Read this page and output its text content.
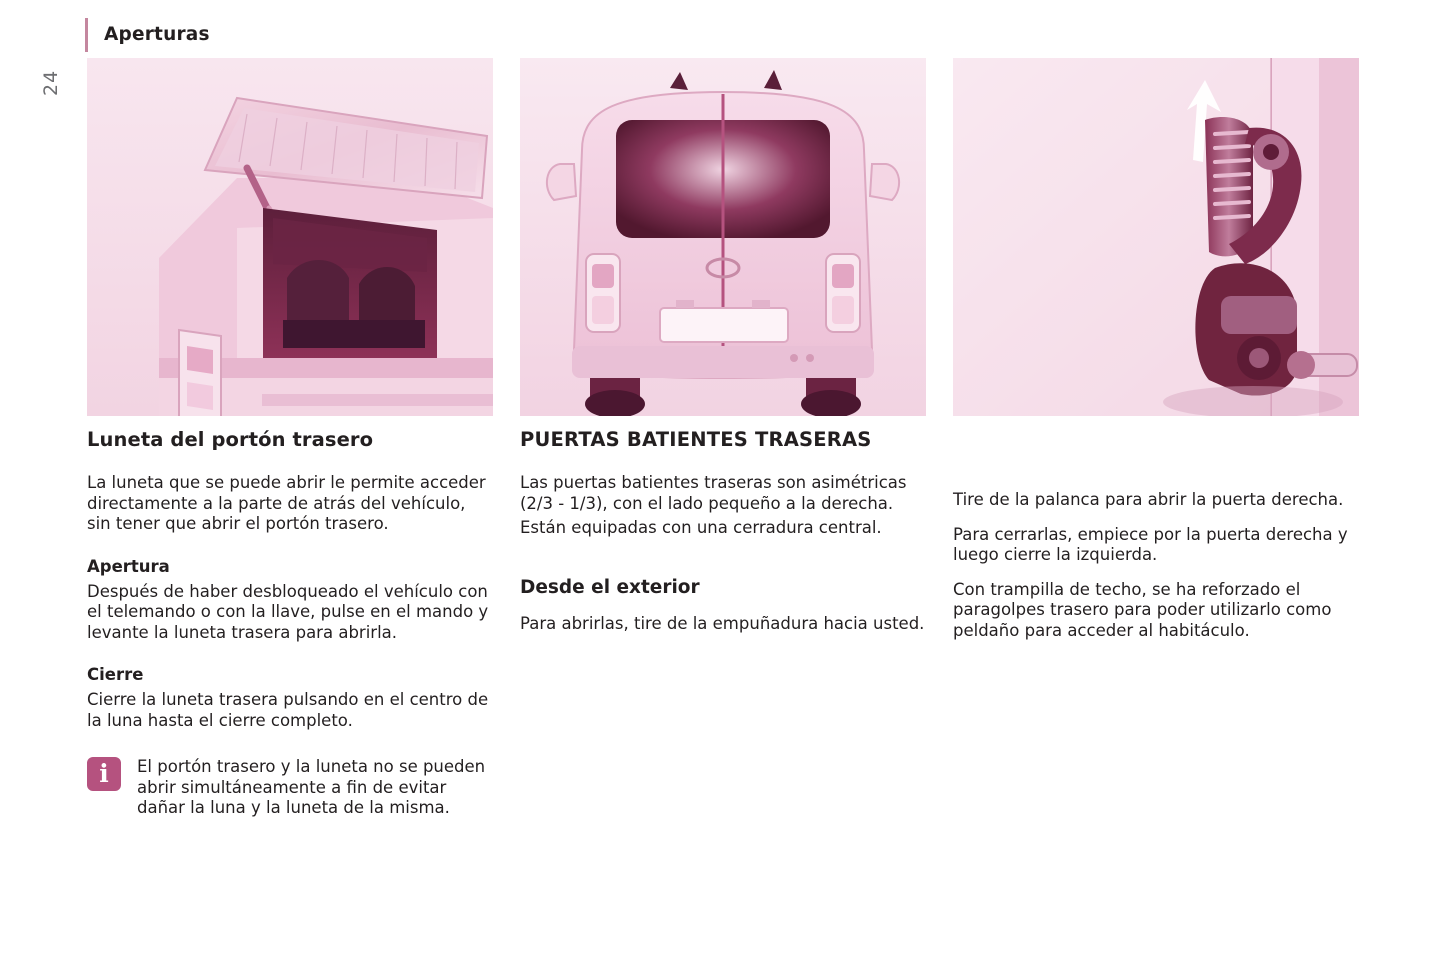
Aperturas
24
Luneta del portón trasero

La luneta que se puede abrir le permite acceder directamente a la parte de atrás del vehículo, sin tener que abrir el portón trasero.

Apertura

Después de haber desbloqueado el vehículo con el telemando o con la llave, pulse en el mando y levante la luneta trasera para abrirla.

Cierre

Cierre la luneta trasera pulsando en el centro de la luna hasta el cierre completo.

i	El portón trasero y la luneta no se pueden abrir simultáneamente a fin de evitar dañar la luna y la luneta de la misma.

PUERTAS BATIENTES TRASERAS

Las puertas batientes traseras son asimétricas (2/3 - 1/3), con el lado pequeño a la derecha.

Están equipadas con una cerradura central.

Desde el exterior

Para abrirlas, tire de la empuñadura hacia usted.

Tire de la palanca para abrir la puerta derecha.

Para cerrarlas, empiece por la puerta derecha y luego cierre la izquierda.

Con trampilla de techo, se ha reforzado el paragolpes trasero para poder utilizarlo como peldaño para acceder al habitáculo.
